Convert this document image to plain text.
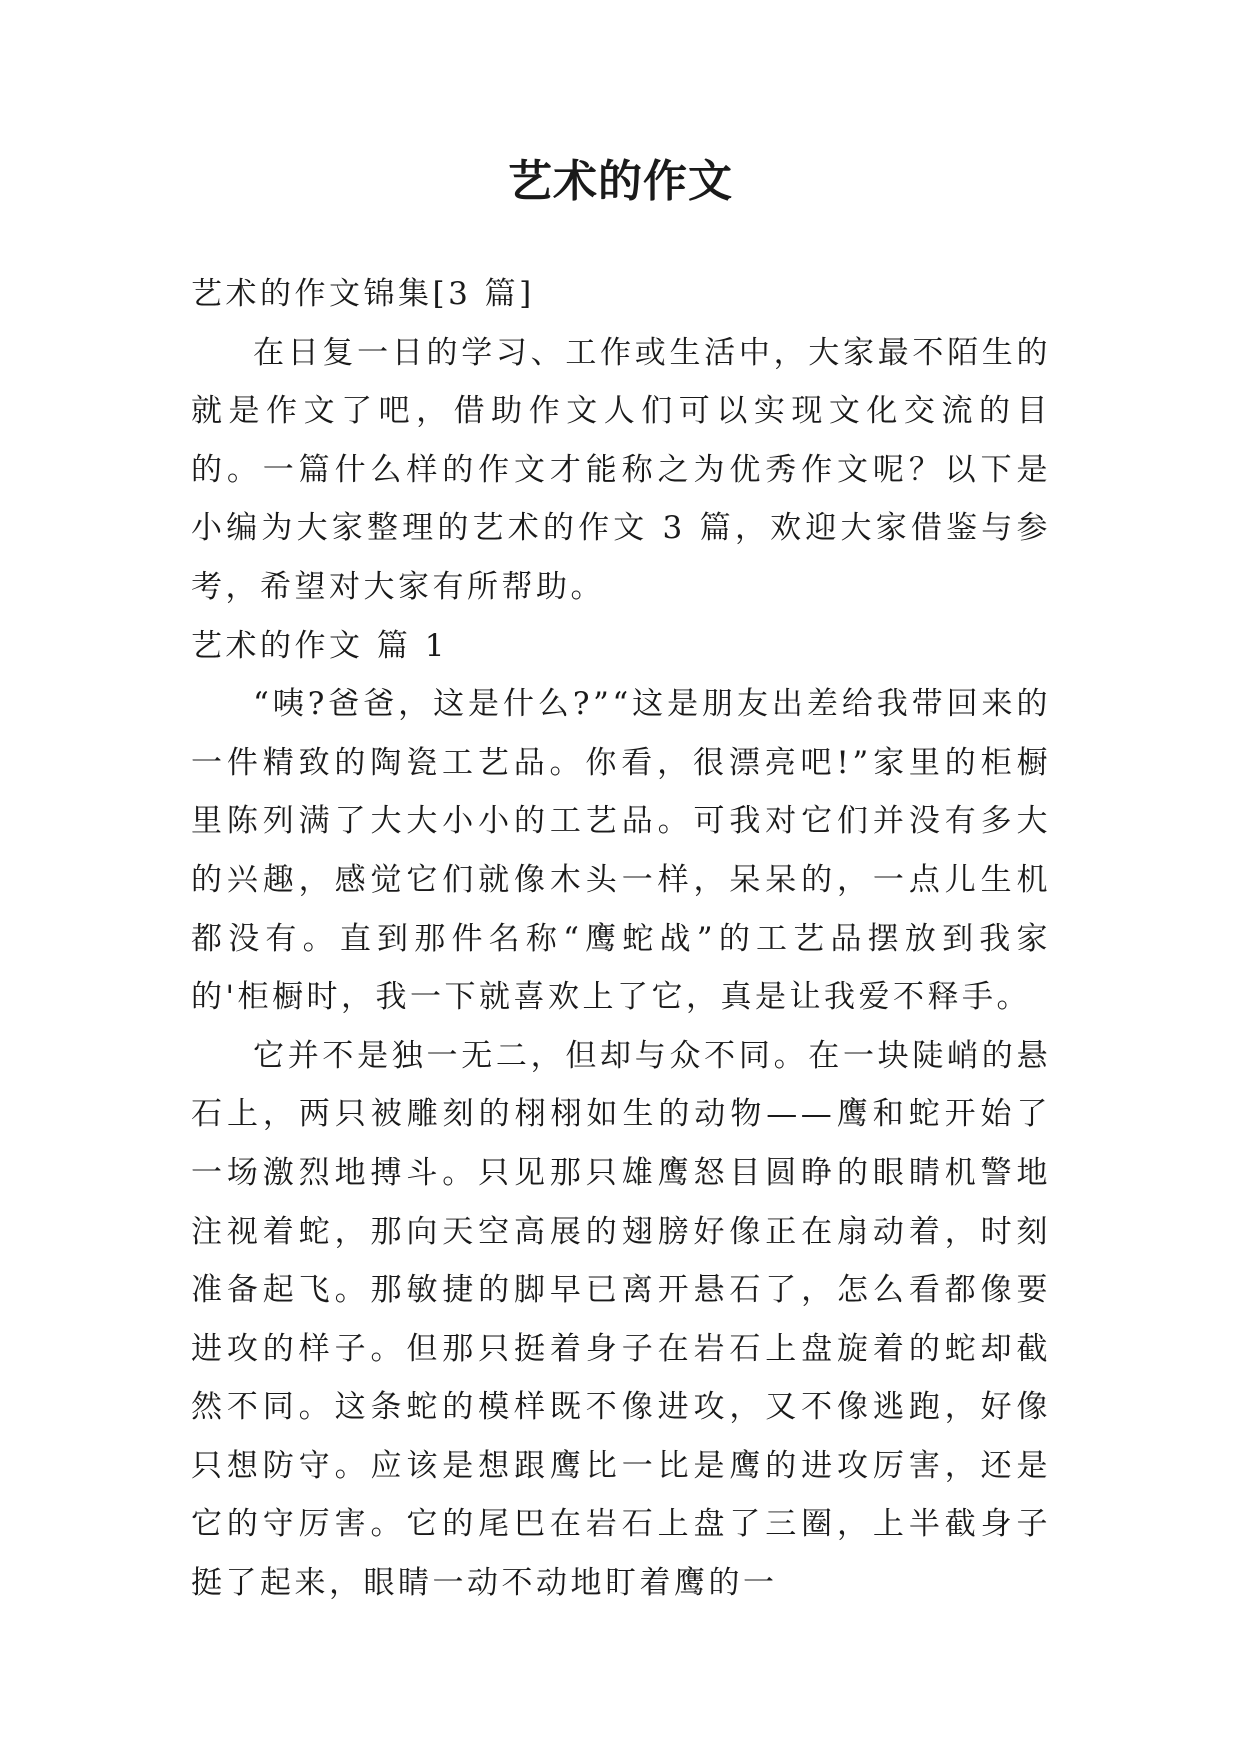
艺术的作文

艺术的作文锦集[3 篇]

在日复一日的学习、工作或生活中，大家最不陌生的就是作文了吧，借助作文人们可以实现文化交流的目的。一篇什么样的作文才能称之为优秀作文呢？以下是小编为大家整理的艺术的作文 3 篇，欢迎大家借鉴与参考，希望对大家有所帮助。

艺术的作文 篇 1

“咦?爸爸，这是什么?”“这是朋友出差给我带回来的一件精致的陶瓷工艺品。你看，很漂亮吧!”家里的柜橱里陈列满了大大小小的工艺品。可我对它们并没有多大的兴趣，感觉它们就像木头一样，呆呆的，一点儿生机都没有。直到那件名称“鹰蛇战”的工艺品摆放到我家的'柜橱时，我一下就喜欢上了它，真是让我爱不释手。

它并不是独一无二，但却与众不同。在一块陡峭的悬石上，两只被雕刻的栩栩如生的动物——鹰和蛇开始了一场激烈地搏斗。只见那只雄鹰怒目圆睁的眼睛机警地注视着蛇，那向天空高展的翅膀好像正在扇动着，时刻准备起飞。那敏捷的脚早已离开悬石了，怎么看都像要进攻的样子。但那只挺着身子在岩石上盘旋着的蛇却截然不同。这条蛇的模样既不像进攻，又不像逃跑，好像只想防守。应该是想跟鹰比一比是鹰的进攻厉害，还是它的守厉害。它的尾巴在岩石上盘了三圈，上半截身子挺了起来，眼睛一动不动地盯着鹰的一
